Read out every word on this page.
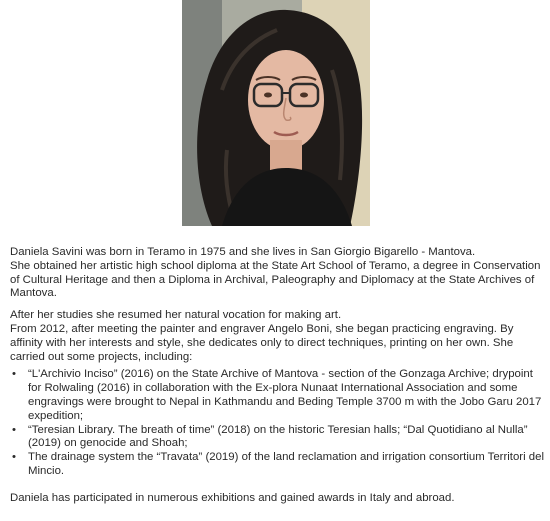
Daniela Savini was born in Teramo in 1975 and she lives in San Giorgio Bigarello - Mantova.

She obtained her artistic high school diploma at the State Art School of Teramo, a degree in Conservation of Cultural Heritage and then a Diploma in Archival, Paleography and Diplomacy at the State Archives of Mantova.

After her studies she resumed her natural vocation for making art.

From 2012, after meeting the painter and engraver Angelo Boni, she began practicing engraving. By affinity with her interests and style, she dedicates only to direct techniques, printing on her own. She carried out some projects, including:

• “L'Archivio Inciso” (2016) on the State Archive of Mantova - section of the Gonzaga Archive; drypoint for Rolwaling (2016) in collaboration with the Ex-plora Nunaat International Association and some engravings were brought to Nepal in Kathmandu and Beding Temple 3700 m with the Jobo Garu 2017 expedition;
• “Teresian Library. The breath of time” (2018) on the historic Teresian halls; “Dal Quotidiano al Nulla” (2019) on genocide and Shoah;
• The drainage system the “Travata” (2019) of the land reclamation and irrigation consortium Territori del Mincio.

Daniela has participated in numerous exhibitions and gained awards in Italy and abroad.
